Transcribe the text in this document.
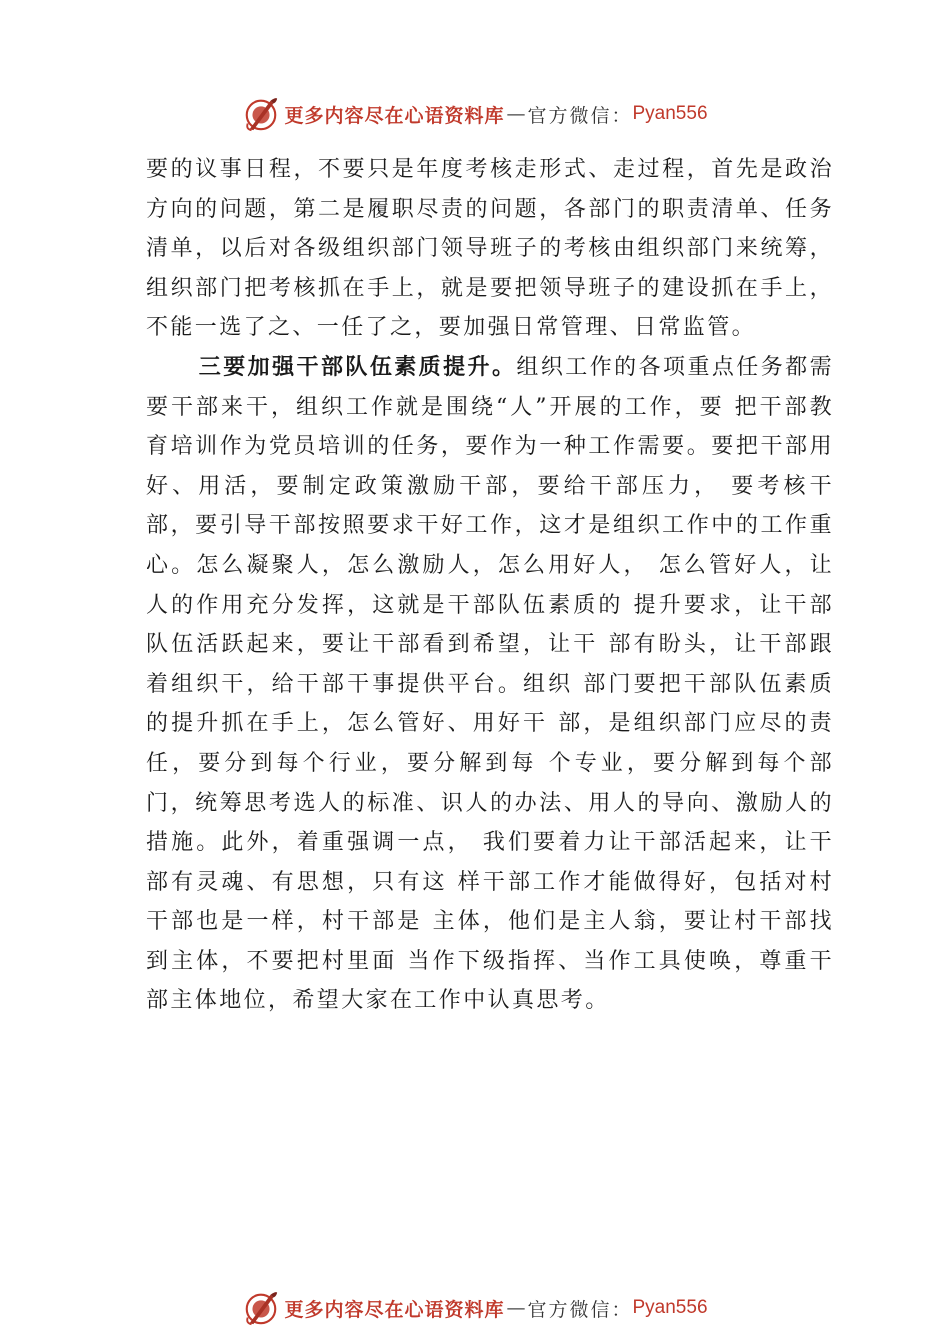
更多内容尽在心语资料库 — 官方微信： Pyan556

要的议事日程，不要只是年度考核走形式、走过程，首先是政治方向的问题，第二是履职尽责的问题，各部门的职责清单、任务清单，以后对各级组织部门领导班子的考核由组织部门来统筹，组织部门把考核抓在手上，就是要把领导班子的建设抓在手上，不能一选了之、一任了之，要加强日常管理、日常监管。

三要加强干部队伍素质提升。组织工作的各项重点任务都需要干部来干，组织工作就是围绕“人”开展的工作，要 把干部教育培训作为党员培训的任务，要作为一种工作需要。要把干部用好、用活，要制定政策激励干部，要给干部压力， 要考核干部，要引导干部按照要求干好工作，这才是组织工作中的工作重心。怎么凝聚人，怎么激励人，怎么用好人， 怎么管好人，让人的作用充分发挥，这就是干部队伍素质的 提升要求，让干部队伍活跃起来，要让干部看到希望，让干 部有盼头，让干部跟着组织干，给干部干事提供平台。组织 部门要把干部队伍素质的提升抓在手上，怎么管好、用好干 部，是组织部门应尽的责任，要分到每个行业，要分解到每 个专业，要分解到每个部门，统筹思考选人的标准、识人的办法、用人的导向、激励人的措施。此外，着重强调一点， 我们要着力让干部活起来，让干部有灵魂、有思想，只有这 样干部工作才能做得好，包括对村干部也是一样，村干部是 主体，他们是主人翁，要让村干部找到主体，不要把村里面 当作下级指挥、当作工具使唤，尊重干部主体地位，希望大家在工作中认真思考。

更多内容尽在心语资料库 — 官方微信： Pyan556
